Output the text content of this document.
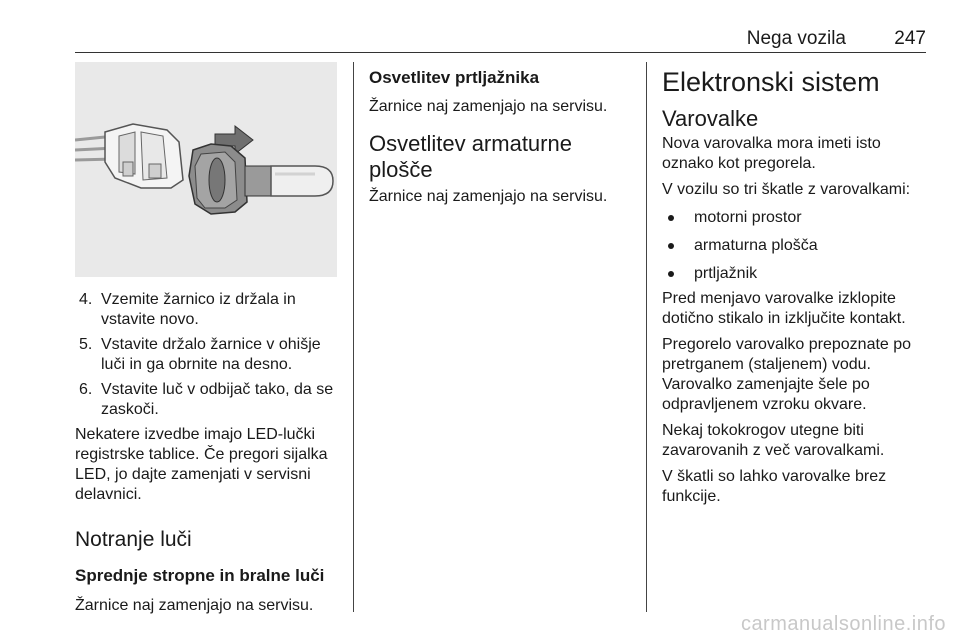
Nega vozila	247
4. Vzemite žarnico iz držala in vstavite novo.
5. Vstavite držalo žarnice v ohišje luči in ga obrnite na desno.
6. Vstavite luč v odbijač tako, da se zaskoči.

Nekatere izvedbe imajo LED-lučki registrske tablice. Če pregori sijalka LED, jo dajte zamenjati v servisni delavnici.

Notranje luči
Sprednje stropne in bralne luči

Žarnice naj zamenjajo na servisu.

Osvetlitev prtljažnika

Žarnice naj zamenjajo na servisu.

Osvetlitev armaturne plošče

Žarnice naj zamenjajo na servisu.

Elektronski sistem
Varovalke

Nova varovalka mora imeti isto oznako kot pregorela.

V vozilu so tri škatle z varovalkami:

motorni prostor
armaturna plošča
prtljažnik

Pred menjavo varovalke izklopite dotično stikalo in izključite kontakt.

Pregorelo varovalko prepoznate po pretrganem (staljenem) vodu. Varovalko zamenjajte šele po odpravljenem vzroku okvare.

Nekaj tokokrogov utegne biti zavarovanih z več varovalkami.

V škatli so lahko varovalke brez funkcije.

carmanualsonline.info
